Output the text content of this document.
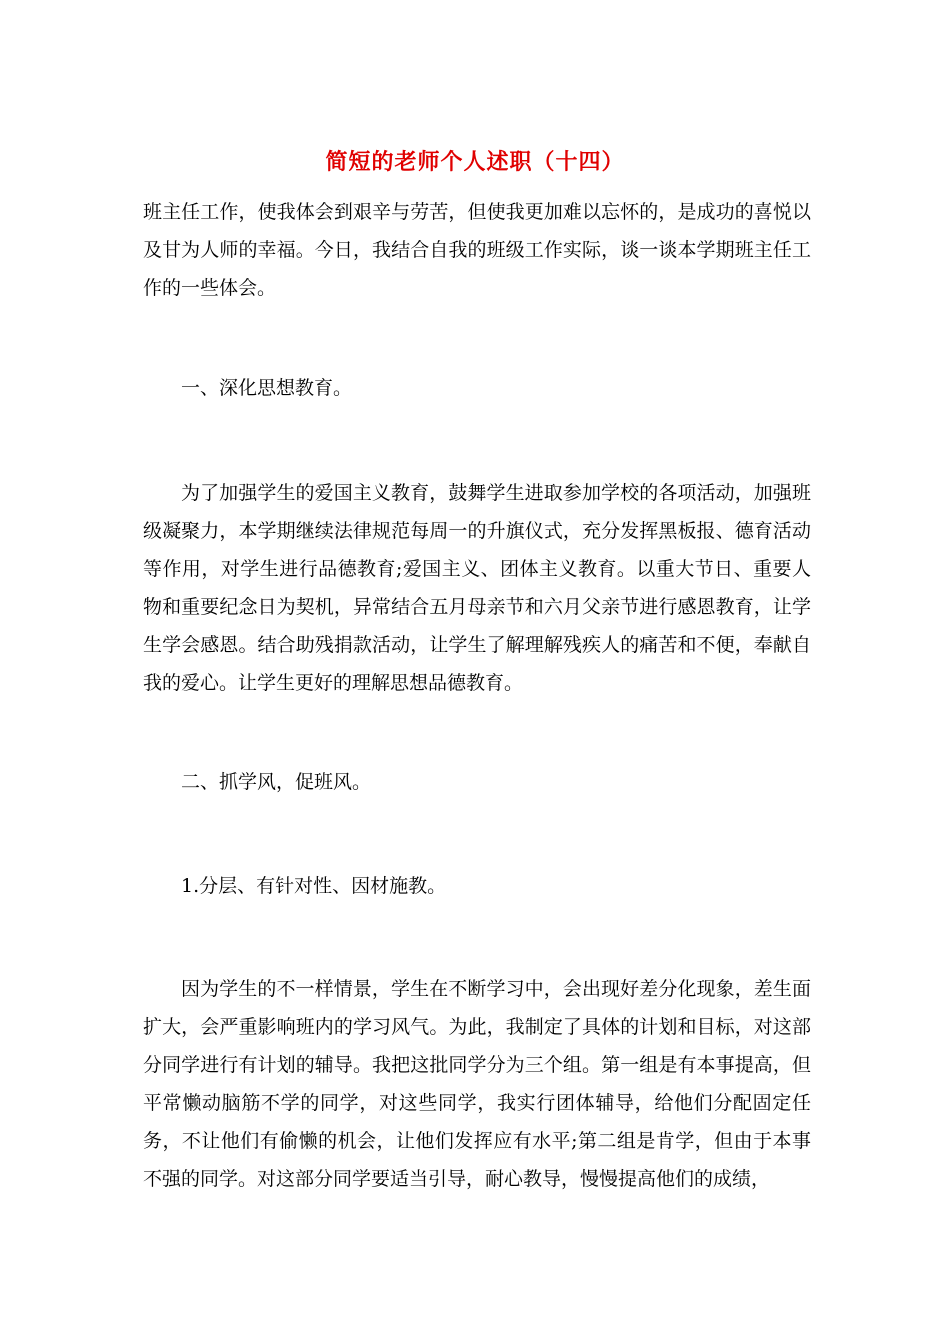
简短的老师个人述职（十四）

班主任工作，使我体会到艰辛与劳苦，但使我更加难以忘怀的，是成功的喜悦以及甘为人师的幸福。今日，我结合自我的班级工作实际，谈一谈本学期班主任工作的一些体会。

一、深化思想教育。

为了加强学生的爱国主义教育，鼓舞学生进取参加学校的各项活动，加强班级凝聚力，本学期继续法律规范每周一的升旗仪式，充分发挥黑板报、德育活动等作用，对学生进行品德教育;爱国主义、团体主义教育。以重大节日、重要人物和重要纪念日为契机，异常结合五月母亲节和六月父亲节进行感恩教育，让学生学会感恩。结合助残捐款活动，让学生了解理解残疾人的痛苦和不便，奉献自我的爱心。让学生更好的理解思想品德教育。

二、抓学风，促班风。

1.分层、有针对性、因材施教。

因为学生的不一样情景，学生在不断学习中，会出现好差分化现象，差生面扩大，会严重影响班内的学习风气。为此，我制定了具体的计划和目标，对这部分同学进行有计划的辅导。我把这批同学分为三个组。第一组是有本事提高，但平常懒动脑筋不学的同学，对这些同学，我实行团体辅导，给他们分配固定任务，不让他们有偷懒的机会，让他们发挥应有水平;第二组是肯学，但由于本事不强的同学。对这部分同学要适当引导，耐心教导，慢慢提高他们的成绩，
